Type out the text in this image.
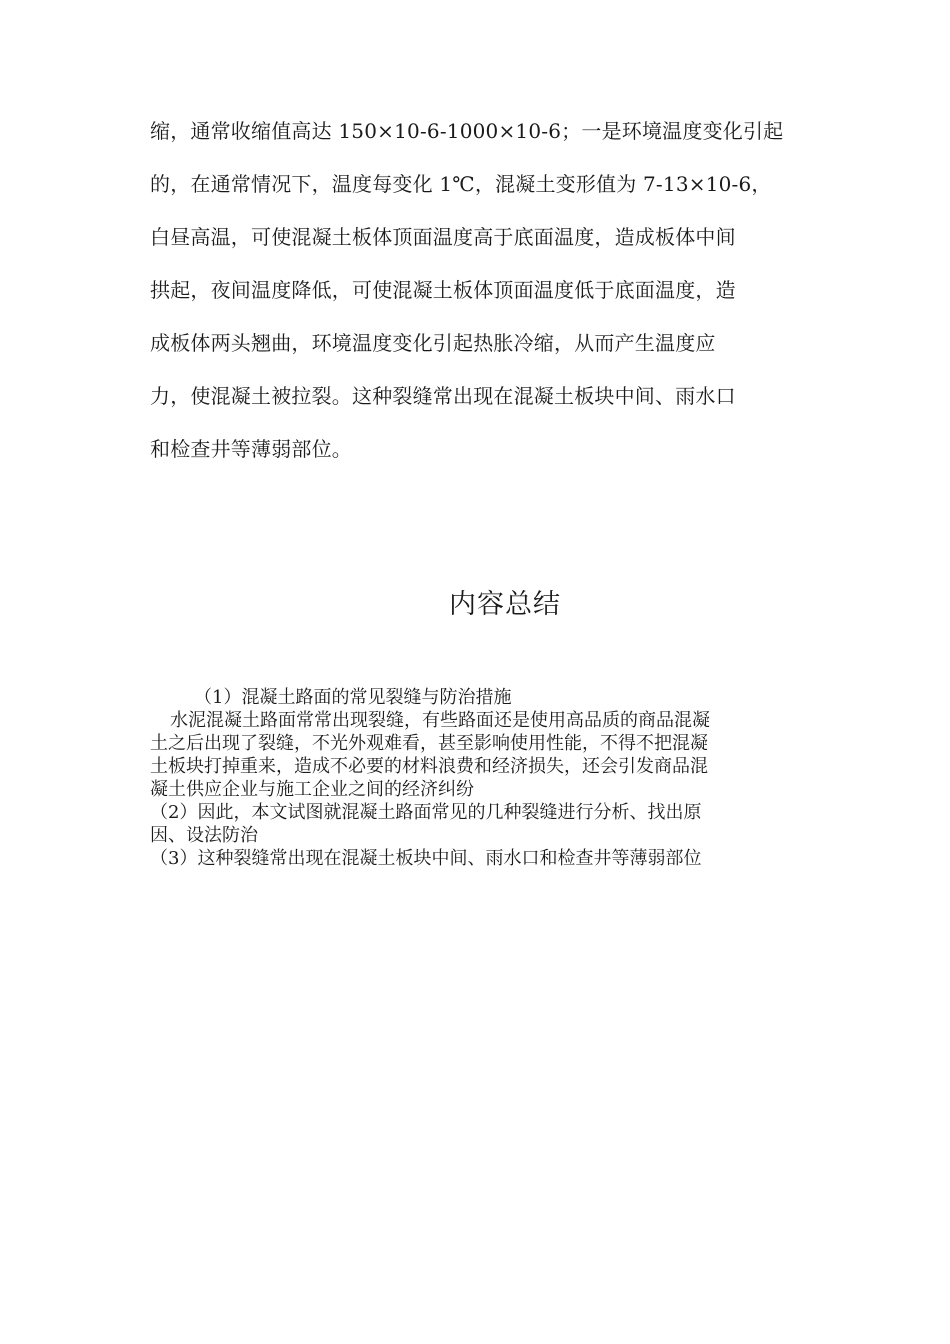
缩，通常收缩值高达 150×10-6-1000×10-6；一是环境温度变化引起
的，在通常情况下，温度每变化 1℃，混凝土变形值为 7-13×10-6，
白昼高温，可使混凝土板体顶面温度高于底面温度，造成板体中间
拱起，夜间温度降低，可使混凝土板体顶面温度低于底面温度，造
成板体两头翘曲，环境温度变化引起热胀冷缩，从而产生温度应
力，使混凝土被拉裂。这种裂缝常出现在混凝土板块中间、雨水口
和检查井等薄弱部位。
内容总结
（1）混凝土路面的常见裂缝与防治措施
水泥混凝土路面常常出现裂缝，有些路面还是使用高品质的商品混凝
土之后出现了裂缝，不光外观难看，甚至影响使用性能，不得不把混凝
土板块打掉重来，造成不必要的材料浪费和经济损失，还会引发商品混
凝土供应企业与施工企业之间的经济纠纷
（2）因此，本文试图就混凝土路面常见的几种裂缝进行分析、找出原
因、设法防治
（3）这种裂缝常出现在混凝土板块中间、雨水口和检查井等薄弱部位
